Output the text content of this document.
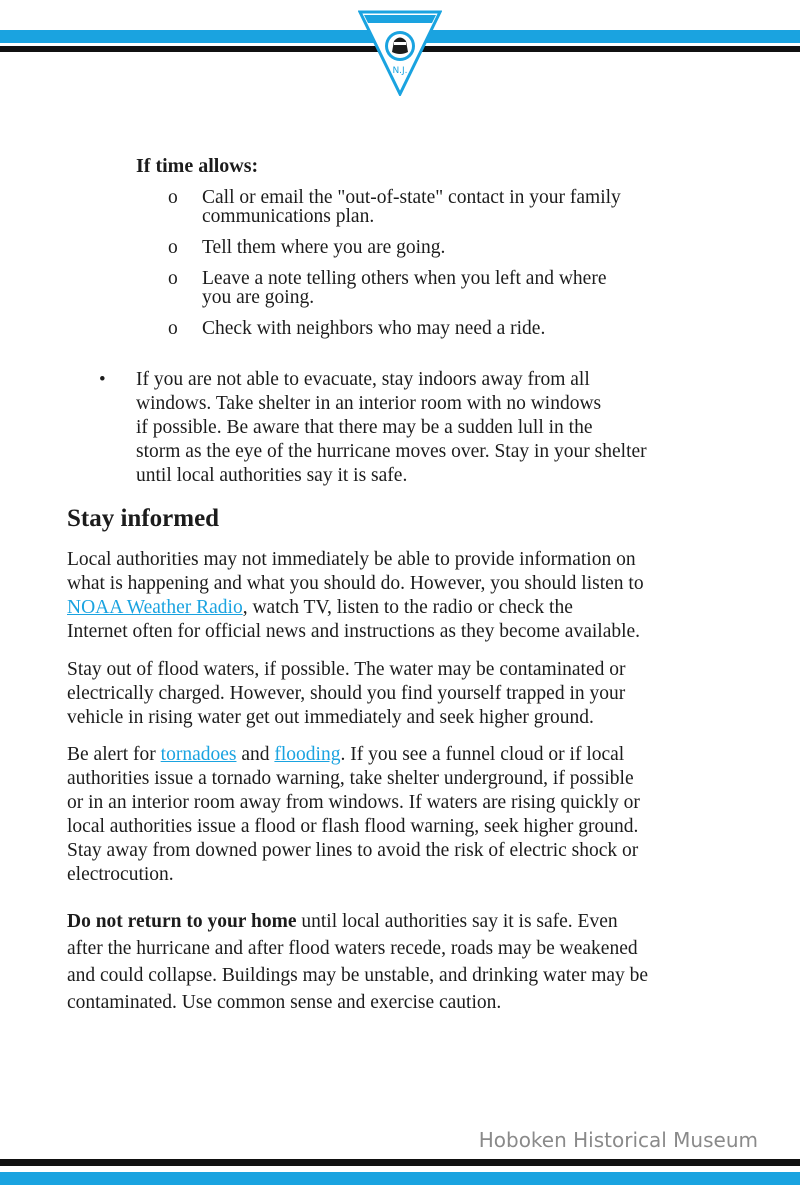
HOBOKEN
N.J.

If time allows:

o Call or email the "out-of-state" contact in your family
communications plan.
o Tell them where you are going.
o Leave a note telling others when you left and where
you are going.
o Check with neighbors who may need a ride.
• If you are not able to evacuate, stay indoors away from all
windows. Take shelter in an interior room with no windows
if possible. Be aware that there may be a sudden lull in the
storm as the eye of the hurricane moves over. Stay in your shelter
until local authorities say it is safe.

Stay informed

Local authorities may not immediately be able to provide information on
what is happening and what you should do. However, you should listen to
NOAA Weather Radio, watch TV, listen to the radio or check the
Internet often for official news and instructions as they become available.

Stay out of flood waters, if possible. The water may be contaminated or
electrically charged. However, should you find yourself trapped in your
vehicle in rising water get out immediately and seek higher ground.

Be alert for tornadoes and flooding. If you see a funnel cloud or if local
authorities issue a tornado warning, take shelter underground, if possible
or in an interior room away from windows. If waters are rising quickly or
local authorities issue a flood or flash flood warning, seek higher ground.
Stay away from downed power lines to avoid the risk of electric shock or
electrocution.

Do not return to your home until local authorities say it is safe. Even
after the hurricane and after flood waters recede, roads may be weakened
and could collapse. Buildings may be unstable, and drinking water may be
contaminated. Use common sense and exercise caution.

Hoboken Historical Museum
